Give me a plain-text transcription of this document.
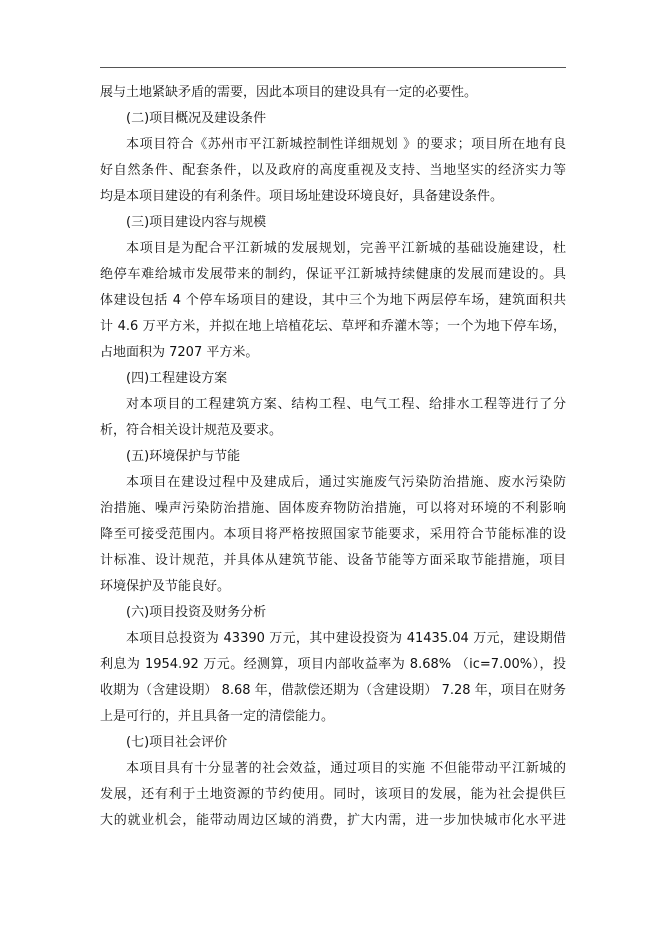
展与土地紧缺矛盾的需要，因此本项目的建设具有一定的必要性。
(二)项目概况及建设条件
本项目符合《苏州市平江新城控制性详细规划 》的要求；项目所在地有良
好自然条件、配套条件，以及政府的高度重视及支持、当地坚实的经济实力等
均是本项目建设的有利条件。项目场址建设环境良好，具备建设条件。
(三)项目建设内容与规模
本项目是为配合平江新城的发展规划，完善平江新城的基础设施建设，杜
绝停车难给城市发展带来的制约，保证平江新城持续健康的发展而建设的。具
体建设包括 4 个停车场项目的建设，其中三个为地下两层停车场，建筑面积共
计 4.6 万平方米，并拟在地上培植花坛、草坪和乔灌木等；一个为地下停车场，
占地面积为 7207 平方米。
(四)工程建设方案
对本项目的工程建筑方案、结构工程、电气工程、给排水工程等进行了分
析，符合相关设计规范及要求。
(五)环境保护与节能
本项目在建设过程中及建成后，通过实施废气污染防治措施、废水污染防
治措施、噪声污染防治措施、固体废弃物防治措施，可以将对环境的不利影响
降至可接受范围内。本项目将严格按照国家节能要求，采用符合节能标准的设
计标准、设计规范，并具体从建筑节能、设备节能等方面采取节能措施，项目
环境保护及节能良好。
(六)项目投资及财务分析
本项目总投资为 43390 万元，其中建设投资为 41435.04 万元，建设期借
利息为 1954.92 万元。经测算，项目内部收益率为 8.68% （ic=7.00%），投
收期为（含建设期） 8.68 年，借款偿还期为（含建设期） 7.28 年，项目在财务
上是可行的，并且具备一定的清偿能力。
(七)项目社会评价
本项目具有十分显著的社会效益，通过项目的实施 不但能带动平江新城的
发展，还有利于土地资源的节约使用。同时，该项目的发展，能为社会提供巨
大的就业机会，能带动周边区域的消费，扩大内需，进一步加快城市化水平进
